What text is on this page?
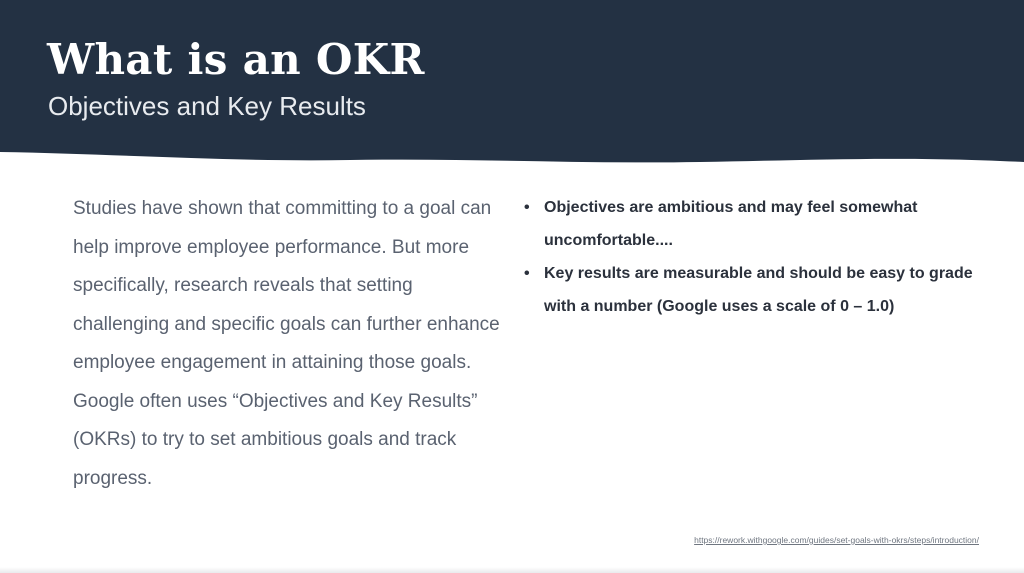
What is an OKR
Objectives and Key Results

Studies have shown that committing to a goal can help improve employee performance. But more specifically, research reveals that setting challenging and specific goals can further enhance employee engagement in attaining those goals. Google often uses “Objectives and Key Results” (OKRs) to try to set ambitious goals and track progress.

• Objectives are ambitious and may feel somewhat uncomfortable....
• Key results are measurable and should be easy to grade with a number (Google uses a scale of 0 – 1.0)
https://rework.withgoogle.com/guides/set-goals-with-okrs/steps/introduction/
